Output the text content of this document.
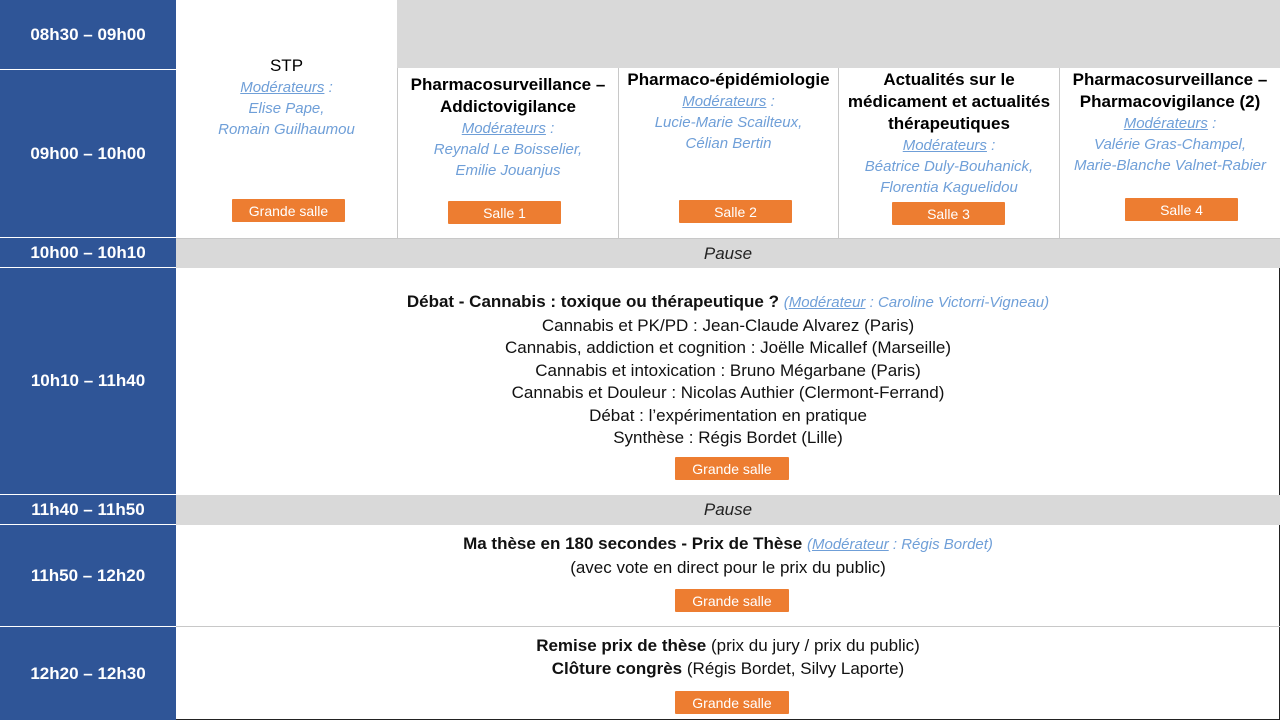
08h30 – 09h00
09h00 – 10h00
10h00 – 10h10
10h10 – 11h40
11h40 – 11h50
11h50 – 12h20
12h20 – 12h30
STP
Modérateurs :
Elise Pape,
Romain Guilhaumou
Grande salle
Pharmacosurveillance –
Addictovigilance
Modérateurs :
Reynald Le Boisselier,
Emilie Jouanjus
Salle 1
Pharmaco-épidémiologie
Modérateurs :
Lucie-Marie Scailteux,
Célian Bertin
Salle 2
Actualités sur le
médicament et actualités
thérapeutiques
Modérateurs :
Béatrice Duly-Bouhanick,
Florentia Kaguelidou
Salle 3
Pharmacosurveillance –
Pharmacovigilance (2)
Modérateurs :
Valérie Gras-Champel,
Marie-Blanche Valnet-Rabier
Salle 4
Pause
Débat - Cannabis : toxique ou thérapeutique ? (Modérateur : Caroline Victorri-Vigneau)
Cannabis et PK/PD : Jean-Claude Alvarez (Paris)
Cannabis, addiction et cognition : Joëlle Micallef (Marseille)
Cannabis et intoxication : Bruno Mégarbane (Paris)
Cannabis et Douleur : Nicolas Authier (Clermont-Ferrand)
Débat : l’expérimentation en pratique
Synthèse : Régis Bordet (Lille)
Grande salle
Pause
Ma thèse en 180 secondes - Prix de Thèse (Modérateur : Régis Bordet)
(avec vote en direct pour le prix du public)
Grande salle
Remise prix de thèse (prix du jury / prix du public)
Clôture congrès (Régis Bordet, Silvy Laporte)
Grande salle
